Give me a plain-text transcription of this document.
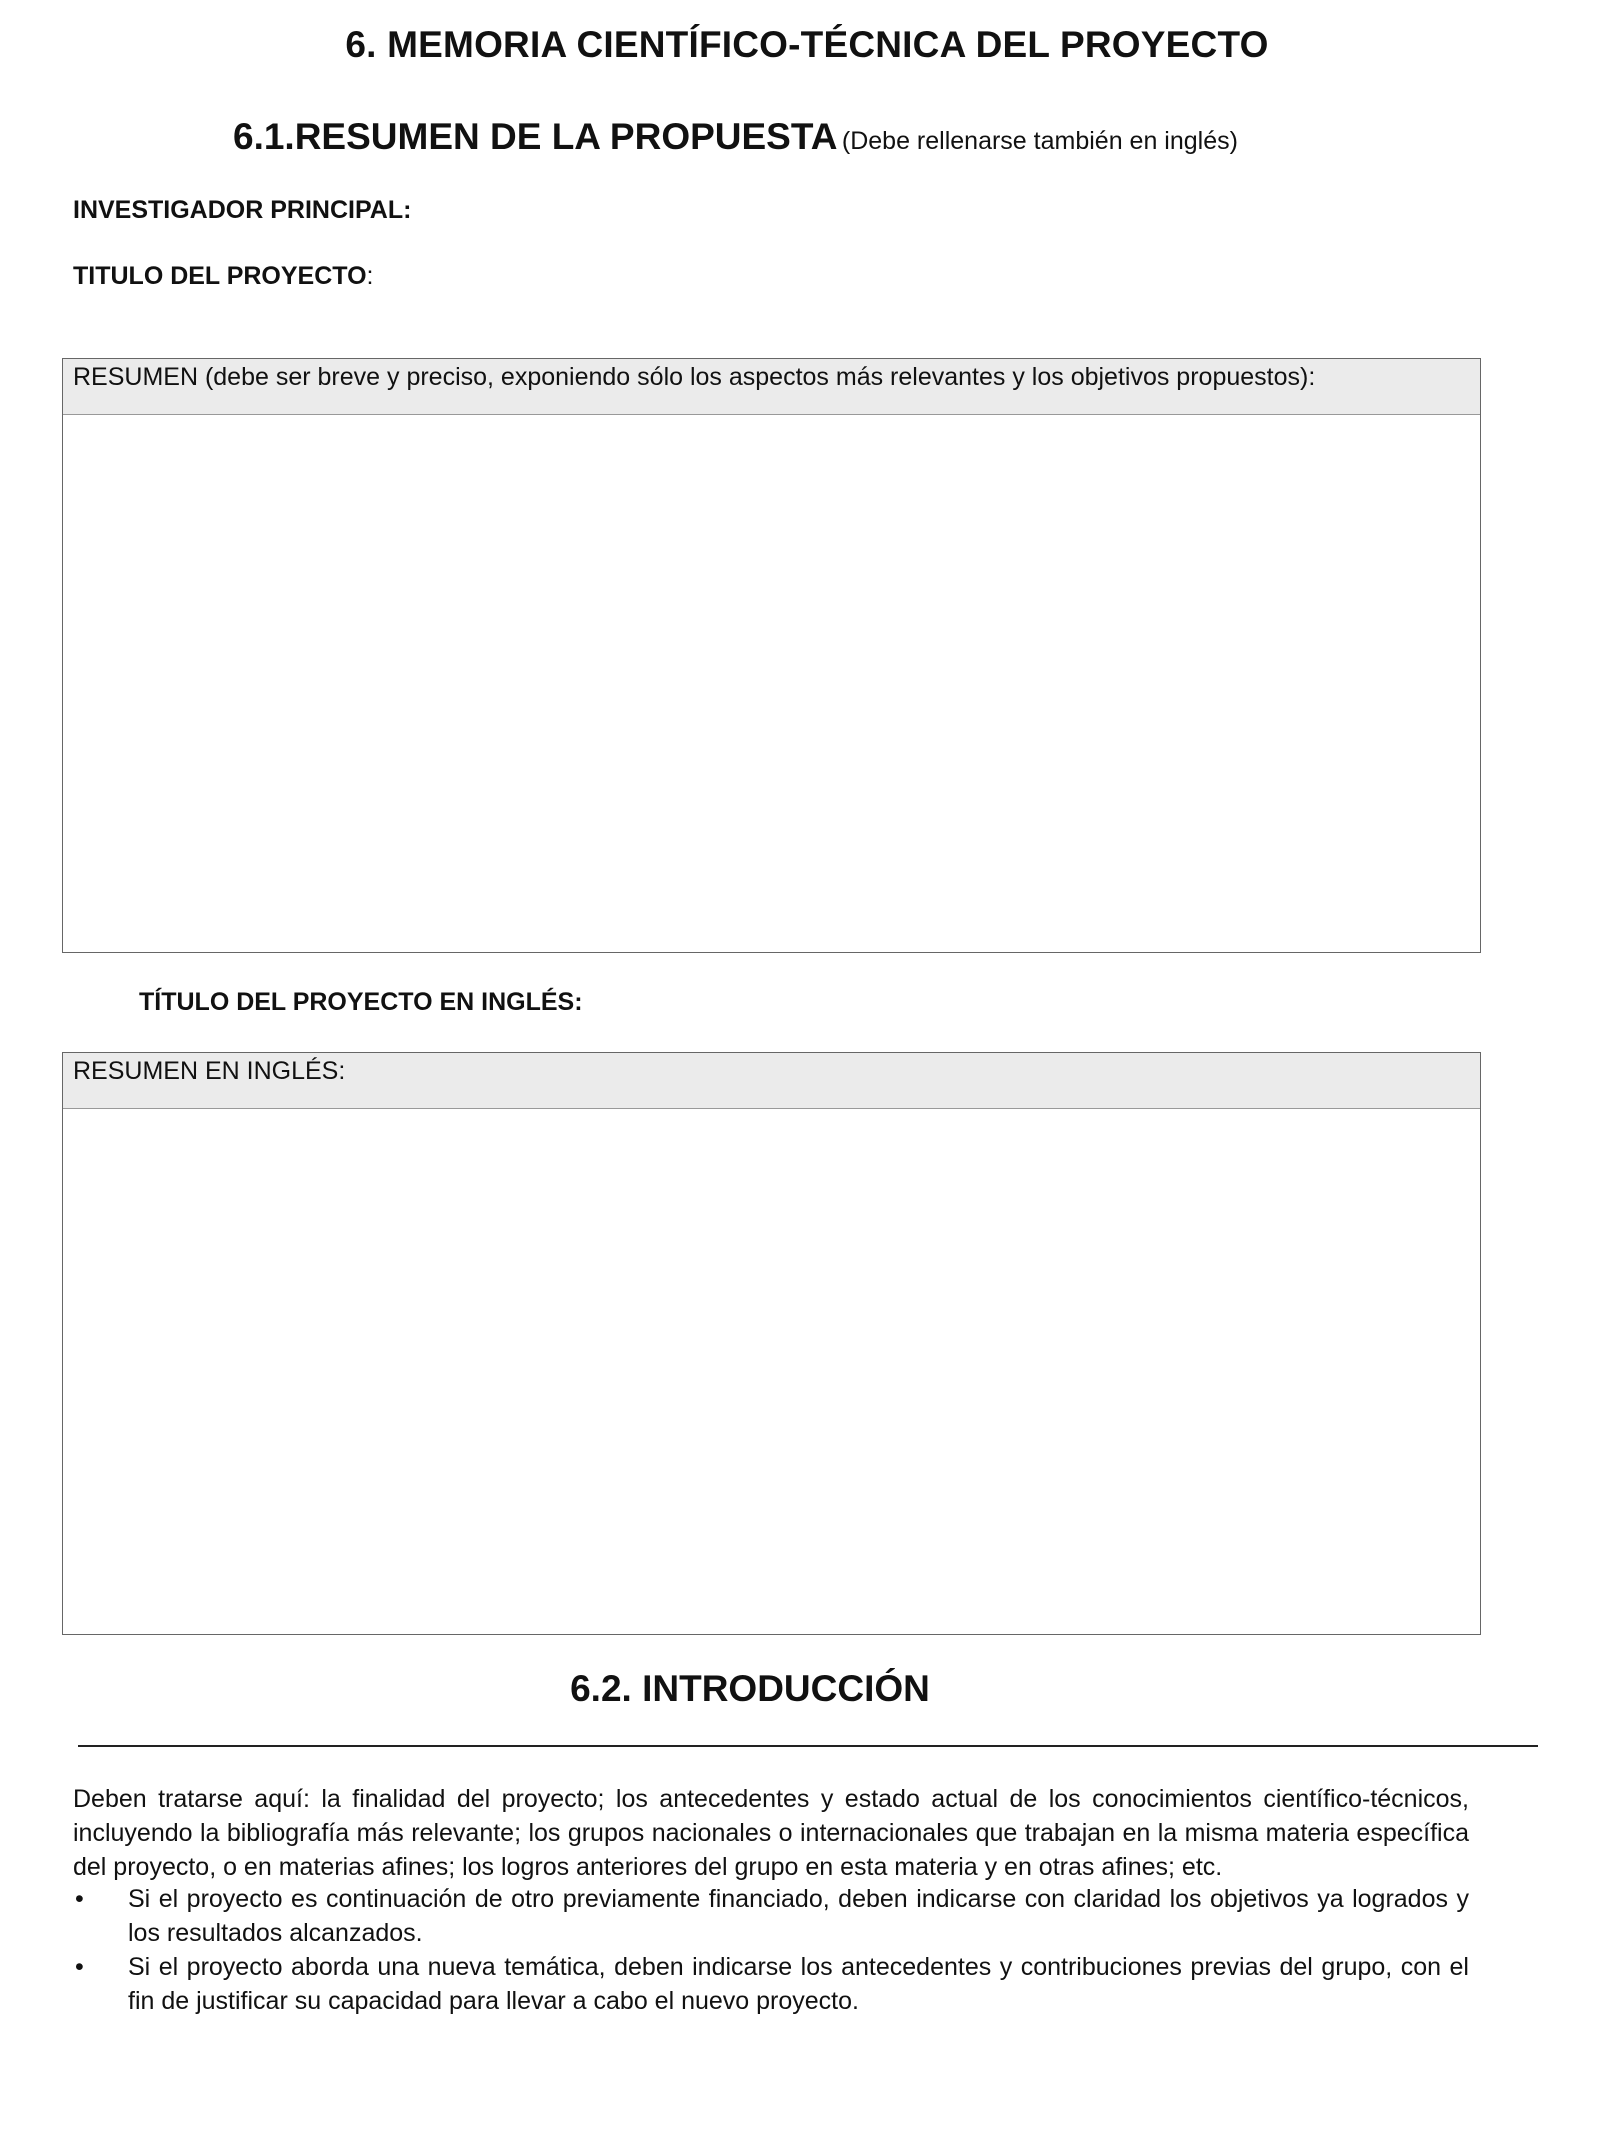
6. MEMORIA CIENTÍFICO-TÉCNICA DEL PROYECTO
6.1.RESUMEN DE LA PROPUESTA (Debe rellenarse también en inglés)
INVESTIGADOR PRINCIPAL:
TITULO DEL PROYECTO:
RESUMEN (debe ser breve y preciso, exponiendo sólo los aspectos más relevantes y los objetivos propuestos):
TÍTULO DEL PROYECTO EN INGLÉS:
RESUMEN EN INGLÉS:
6.2. INTRODUCCIÓN
Deben tratarse aquí: la finalidad del proyecto; los antecedentes y estado actual de los conocimientos científico-técnicos, incluyendo la bibliografía más relevante; los grupos nacionales o internacionales que trabajan en la misma materia específica del proyecto, o en materias afines; los logros anteriores del grupo en esta materia y en otras afines; etc.
• Si el proyecto es continuación de otro previamente financiado, deben indicarse con claridad los objetivos ya logrados y los resultados alcanzados.
• Si el proyecto aborda una nueva temática, deben indicarse los antecedentes y contribuciones previas del grupo, con el fin de justificar su capacidad para llevar a cabo el nuevo proyecto.
